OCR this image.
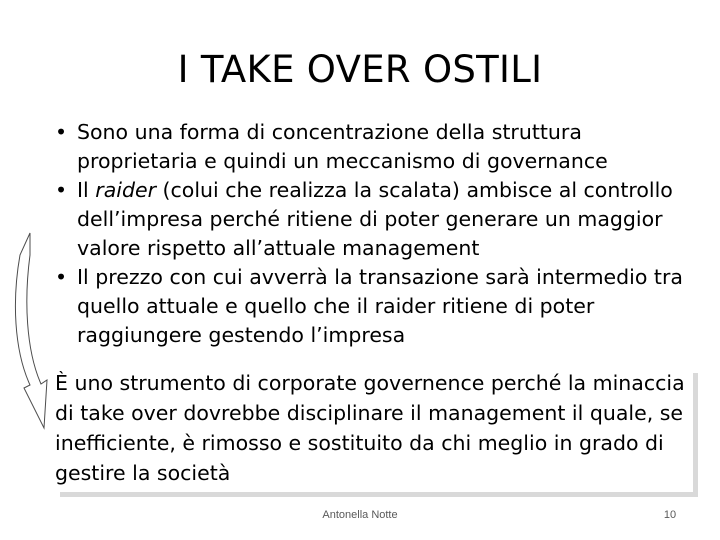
I TAKE OVER OSTILI
• Sono una forma di concentrazione della struttura proprietaria e quindi un meccanismo di governance
• Il raider (colui che realizza la scalata) ambisce al controllo dell’impresa perché ritiene di poter generare un maggior valore rispetto all’attuale management
• Il prezzo con cui avverrà la transazione sarà intermedio tra quello attuale e quello che il raider ritiene di poter raggiungere gestendo l’impresa

È uno strumento di corporate governence perché la minaccia di take over dovrebbe disciplinare il management il quale, se inefficiente, è rimosso e sostituito da chi meglio in grado di gestire la società

Antonella Notte	10
